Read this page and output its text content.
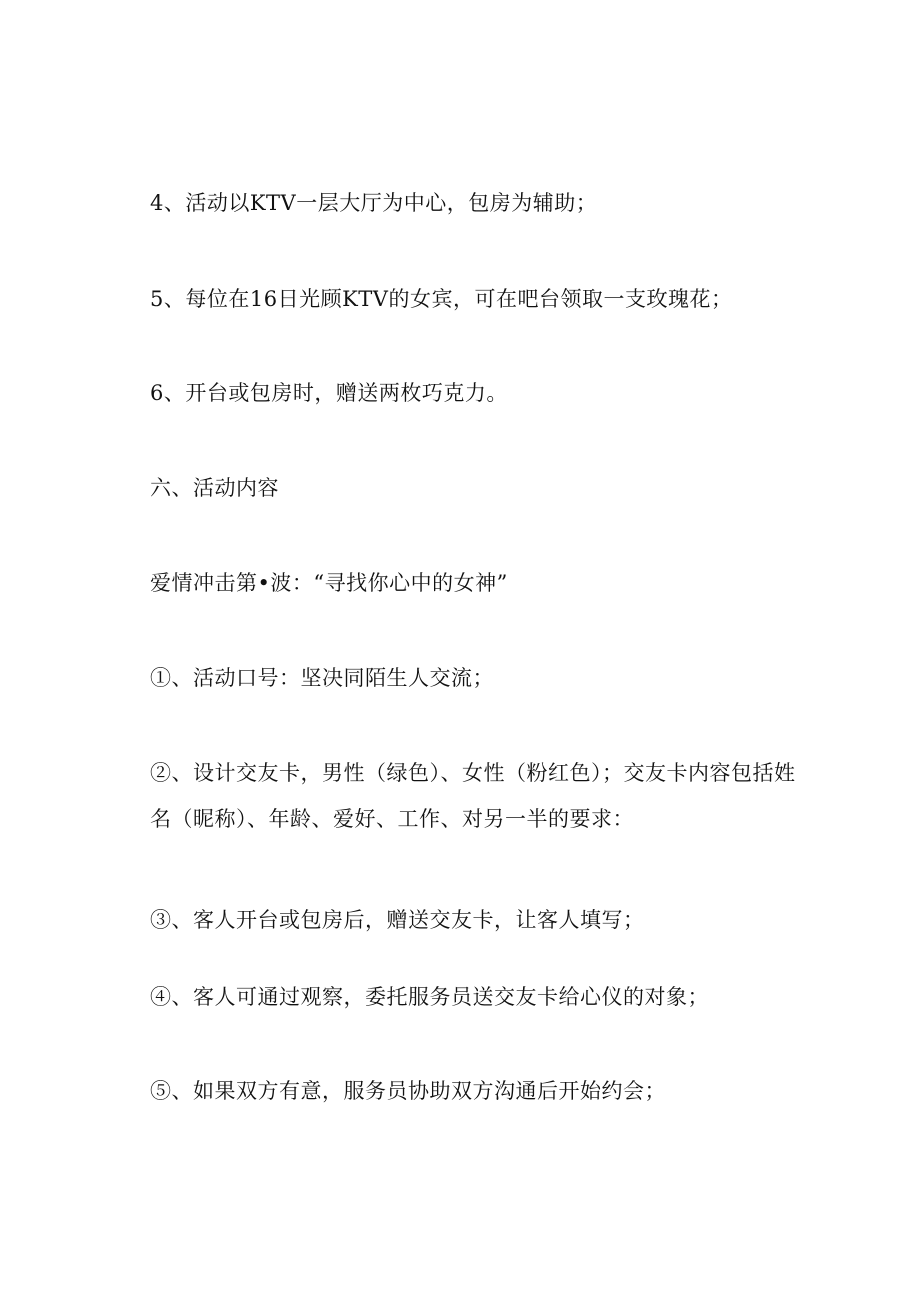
4、活动以KTV一层大厅为中心，包房为辅助；
5、每位在16日光顾KTV的女宾，可在吧台领取一支玫瑰花；
6、开台或包房时，赠送两枚巧克力。
六、活动内容
爱情冲击第•波：“寻找你心中的女神”
①、活动口号：坚决同陌生人交流；
②、设计交友卡，男性（绿色）、女性（粉红色）；交友卡内容包括姓名（昵称）、年龄、爱好、工作、对另一半的要求：
③、客人开台或包房后，赠送交友卡，让客人填写；
④、客人可通过观察，委托服务员送交友卡给心仪的对象；
⑤、如果双方有意，服务员协助双方沟通后开始约会；
